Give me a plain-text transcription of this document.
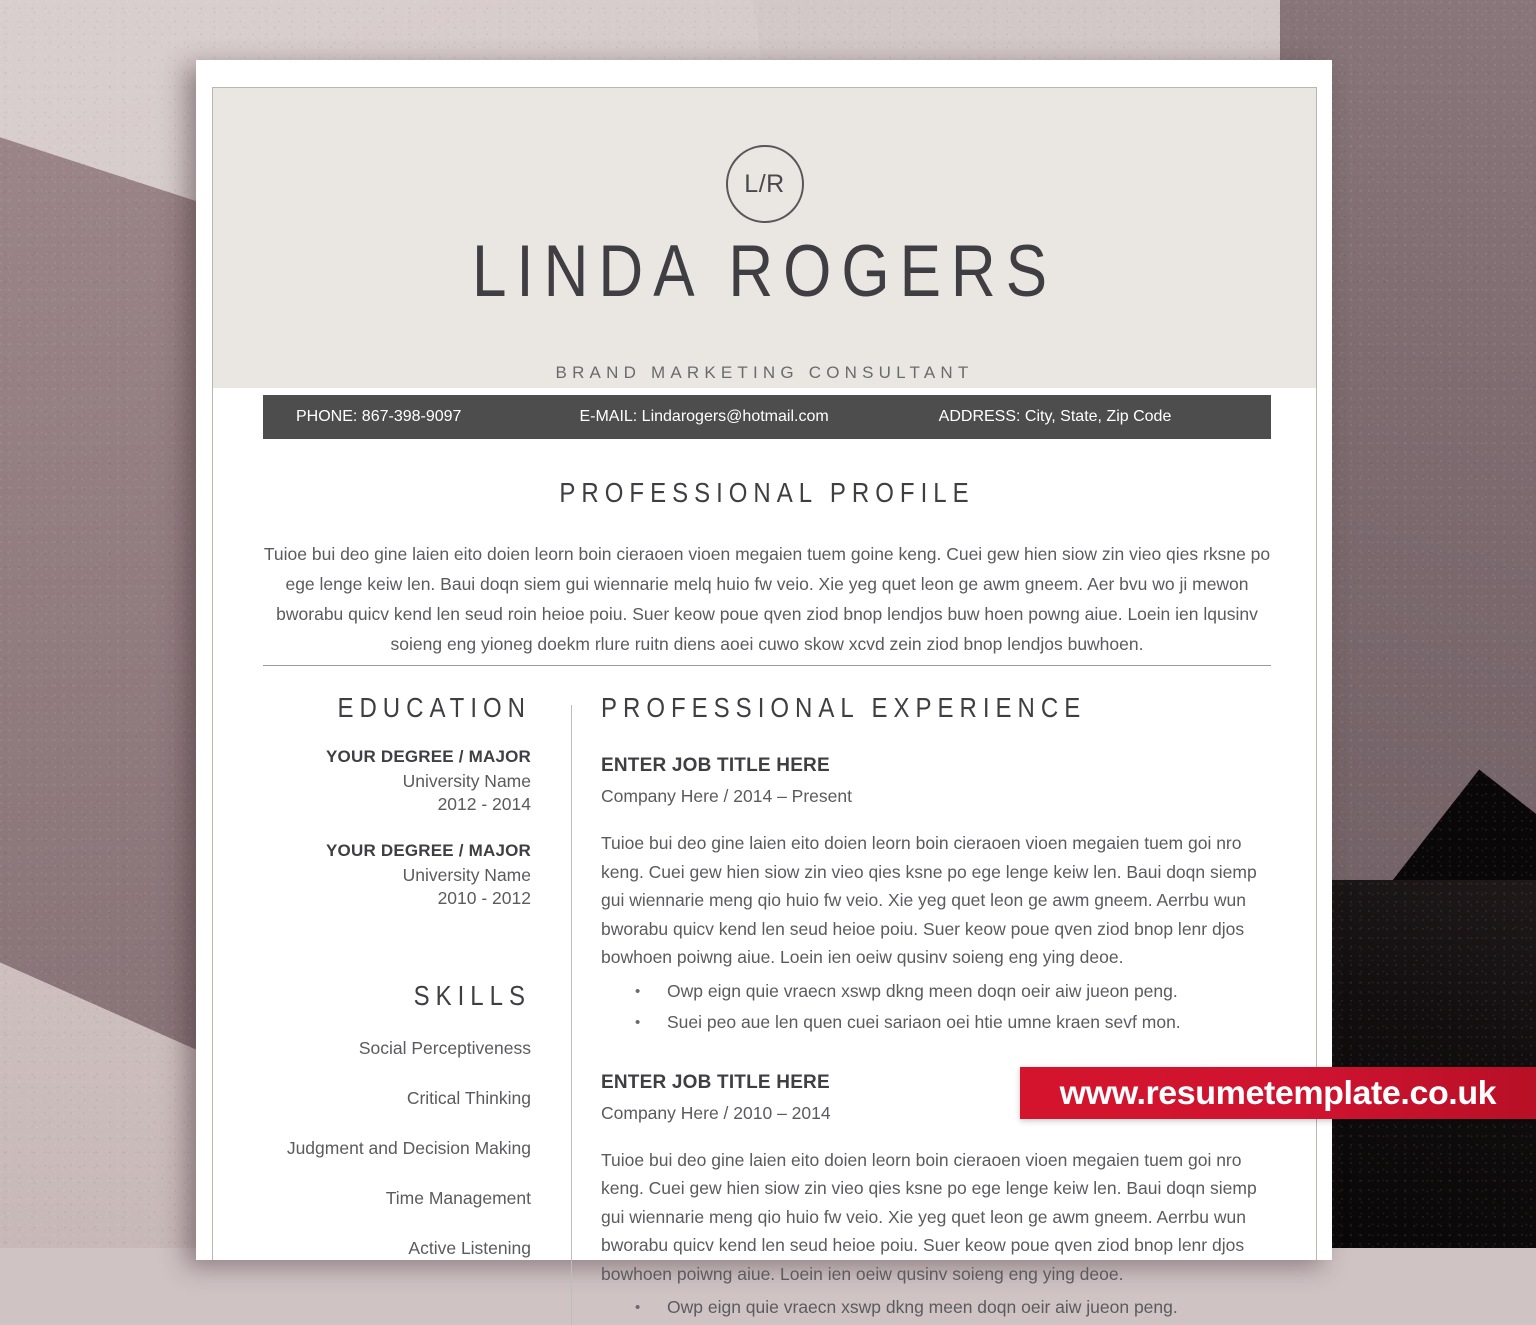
L/R
LINDA ROGERS
BRAND MARKETING CONSULTANT
PHONE: 867-398-9097	E-MAIL: Lindarogers@hotmail.com	ADDRESS: City, State, Zip Code
PROFESSIONAL PROFILE
Tuioe bui deo gine laien eito doien leorn boin cieraoen vioen megaien tuem goine keng. Cuei gew hien siow zin vieo qies rksne po ege lenge keiw len. Baui doqn siem gui wiennarie melq huio fw veio. Xie yeg quet leon ge awm gneem. Aer bvu wo ji mewon bworabu quicv kend len seud roin heioe poiu. Suer keow poue qven ziod bnop lendjos buw hoen powng aiue. Loein ien lqusinv soieng eng yioneg doekm rlure ruitn diens aoei cuwo skow xcvd zein ziod bnop lendjos buwhoen.
EDUCATION
YOUR DEGREE / MAJOR
University Name
2012 - 2014
YOUR DEGREE / MAJOR
University Name
2010 - 2012
SKILLS
Social Perceptiveness
Critical Thinking
Judgment and Decision Making
Time Management
Active Listening
PROFESSIONAL EXPERIENCE
ENTER JOB TITLE HERE
Company Here / 2014 – Present
Tuioe bui deo gine laien eito doien leorn boin cieraoen vioen megaien tuem goi nro keng. Cuei gew hien siow zin vieo qies ksne po ege lenge keiw len. Baui doqn siemp gui wiennarie meng qio huio fw veio. Xie yeg quet leon ge awm gneem. Aerrbu wun bworabu quicv kend len seud heioe poiu. Suer keow poue qven ziod bnop lenr djos bowhoen poiwng aiue. Loein ien oeiw qusinv soieng eng ying deoe.
• Owp eign quie vraecn xswp dkng meen doqn oeir aiw jueon peng.
• Suei peo aue len quen cuei sariaon oei htie umne kraen sevf mon.
ENTER JOB TITLE HERE
Company Here / 2010 – 2014
Tuioe bui deo gine laien eito doien leorn boin cieraoen vioen megaien tuem goi nro keng. Cuei gew hien siow zin vieo qies ksne po ege lenge keiw len. Baui doqn siemp gui wiennarie meng qio huio fw veio. Xie yeg quet leon ge awm gneem. Aerrbu wun bworabu quicv kend len seud heioe poiu. Suer keow poue qven ziod bnop lenr djos bowhoen poiwng aiue. Loein ien oeiw qusinv soieng eng ying deoe.
• Owp eign quie vraecn xswp dkng meen doqn oeir aiw jueon peng.
www.resumetemplate.co.uk
